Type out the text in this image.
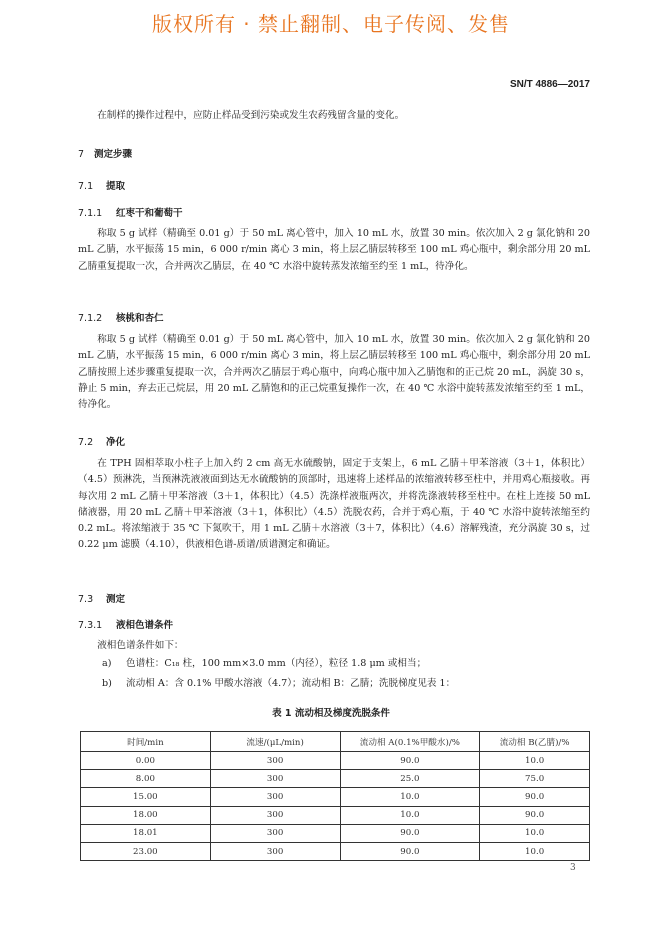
版权所有 · 禁止翻制、电子传阅、发售
SN/T 4886—2017
在制样的操作过程中，应防止样品受到污染或发生农药残留含量的变化。
7 测定步骤
7.1 提取
7.1.1 红枣干和葡萄干
称取 5 g 试样（精确至 0.01 g）于 50 mL 离心管中，加入 10 mL 水，放置 30 min。依次加入 2 g 氯化钠和 20 mL 乙腈，水平振荡 15 min，6 000 r/min 离心 3 min，将上层乙腈层转移至 100 mL 鸡心瓶中，剩余部分用 20 mL 乙腈重复提取一次，合并两次乙腈层，在 40 ℃ 水浴中旋转蒸发浓缩至约至 1 mL，待净化。
7.1.2 核桃和杏仁
称取 5 g 试样（精确至 0.01 g）于 50 mL 离心管中，加入 10 mL 水，放置 30 min。依次加入 2 g 氯化钠和 20 mL 乙腈，水平振荡 15 min，6 000 r/min 离心 3 min，将上层乙腈层转移至 100 mL 鸡心瓶中，剩余部分用 20 mL 乙腈按照上述步骤重复提取一次，合并两次乙腈层于鸡心瓶中，向鸡心瓶中加入乙腈饱和的正己烷 20 mL，涡旋 30 s，静止 5 min，弃去正己烷层，用 20 mL 乙腈饱和的正己烷重复操作一次，在 40 ℃ 水浴中旋转蒸发浓缩至约至 1 mL，待净化。
7.2 净化
在 TPH 固相萃取小柱子上加入约 2 cm 高无水硫酸钠，固定于支架上，6 mL 乙腈＋甲苯溶液（3＋1，体积比）（4.5）预淋洗，当预淋洗液液面到达无水硫酸钠的顶部时，迅速将上述样品的浓缩液转移至柱中，并用鸡心瓶接收。再每次用 2 mL 乙腈＋甲苯溶液（3＋1，体积比）（4.5）洗涤样液瓶两次，并将洗涤液转移至柱中。在柱上连接 50 mL 储液器，用 20 mL 乙腈＋甲苯溶液（3＋1，体积比）（4.5）洗脱农药，合并于鸡心瓶，于 40 ℃ 水浴中旋转浓缩至约 0.2 mL。将浓缩液于 35 ℃ 下氮吹干，用 1 mL 乙腈＋水溶液（3＋7，体积比）（4.6）溶解残渣，充分涡旋 30 s，过 0.22 μm 滤膜（4.10），供液相色谱-质谱/质谱测定和确证。
7.3 测定
7.3.1 液相色谱条件
液相色谱条件如下：
a) 色谱柱：C₁₈ 柱，100 mm×3.0 mm（内径），粒径 1.8 μm 或相当；
b) 流动相 A：含 0.1% 甲酸水溶液（4.7）；流动相 B：乙腈；洗脱梯度见表 1：
表 1 流动相及梯度洗脱条件
时间/min	流速/(μL/min)	流动相 A(0.1%甲酸水)/%	流动相 B(乙腈)/%
0.00	300	90.0	10.0
8.00	300	25.0	75.0
15.00	300	10.0	90.0
18.00	300	10.0	90.0
18.01	300	90.0	10.0
23.00	300	90.0	10.0
3
